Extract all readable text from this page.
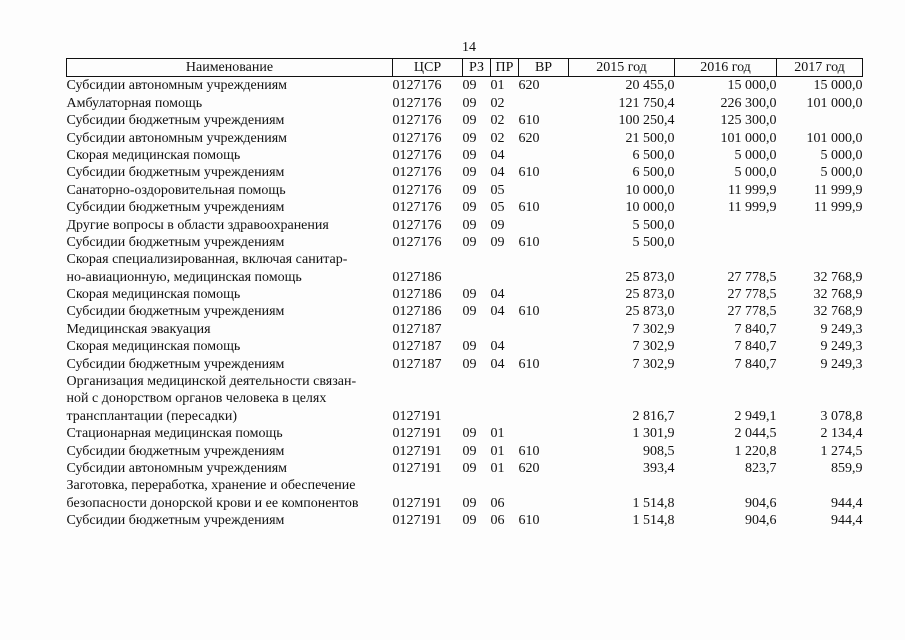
14
Наименование	ЦСР	РЗ	ПР	ВР	2015 год	2016 год	2017 год
Субсидии автономным учреждениям	0127176	09	01	620	20 455,0	15 000,0	15 000,0
Амбулаторная помощь	0127176	09	02		121 750,4	226 300,0	101 000,0
Субсидии бюджетным учреждениям	0127176	09	02	610	100 250,4	125 300,0	
Субсидии автономным учреждениям	0127176	09	02	620	21 500,0	101 000,0	101 000,0
Скорая медицинская помощь	0127176	09	04		6 500,0	5 000,0	5 000,0
Субсидии бюджетным учреждениям	0127176	09	04	610	6 500,0	5 000,0	5 000,0
Санаторно-оздоровительная помощь	0127176	09	05		10 000,0	11 999,9	11 999,9
Субсидии бюджетным учреждениям	0127176	09	05	610	10 000,0	11 999,9	11 999,9
Другие вопросы в области здравоохранения	0127176	09	09		5 500,0		
Субсидии бюджетным учреждениям	0127176	09	09	610	5 500,0		
Скорая специализированная, включая санитар-							
но-авиационную, медицинская помощь	0127186				25 873,0	27 778,5	32 768,9
Скорая медицинская помощь	0127186	09	04		25 873,0	27 778,5	32 768,9
Субсидии бюджетным учреждениям	0127186	09	04	610	25 873,0	27 778,5	32 768,9
Медицинская эвакуация	0127187				7 302,9	7 840,7	9 249,3
Скорая медицинская помощь	0127187	09	04		7 302,9	7 840,7	9 249,3
Субсидии бюджетным учреждениям	0127187	09	04	610	7 302,9	7 840,7	9 249,3
Организация медицинской деятельности связан-							
ной с донорством органов человека в целях							
трансплантации (пересадки)	0127191				2 816,7	2 949,1	3 078,8
Стационарная медицинская помощь	0127191	09	01		1 301,9	2 044,5	2 134,4
Субсидии бюджетным учреждениям	0127191	09	01	610	908,5	1 220,8	1 274,5
Субсидии автономным учреждениям	0127191	09	01	620	393,4	823,7	859,9
Заготовка, переработка, хранение и обеспечение							
безопасности донорской крови и ее компонентов	0127191	09	06		1 514,8	904,6	944,4
Субсидии бюджетным учреждениям	0127191	09	06	610	1 514,8	904,6	944,4
